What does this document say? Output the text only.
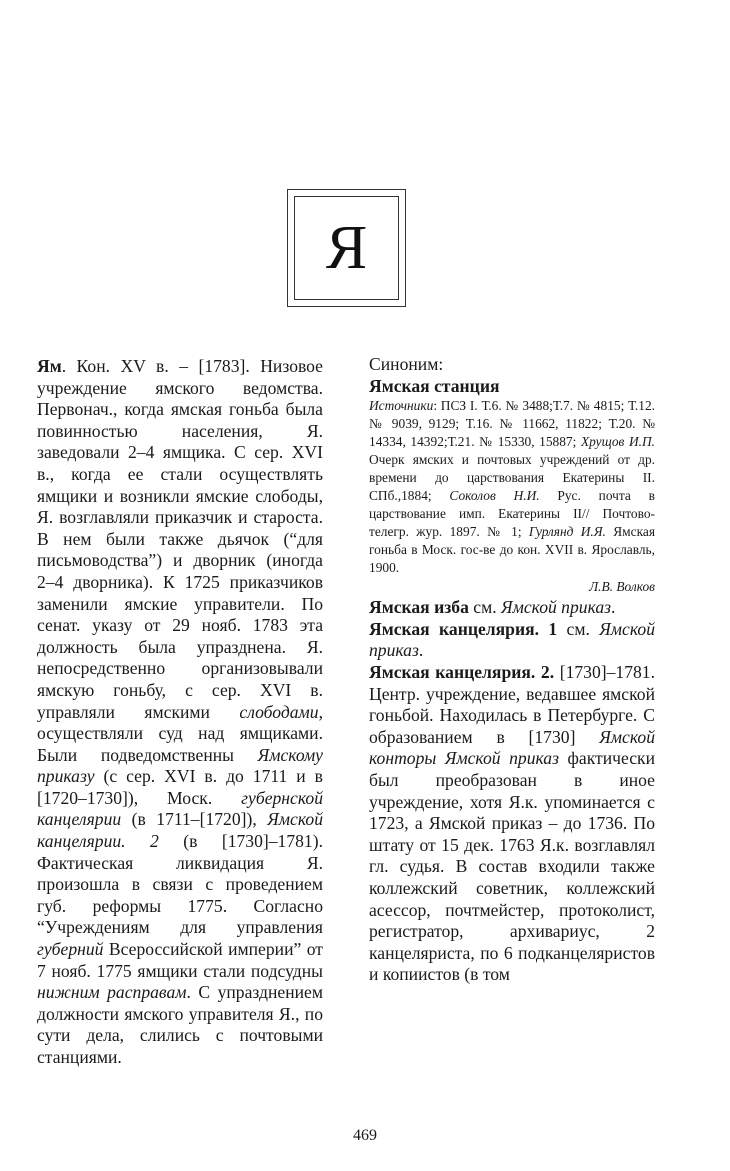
Я

Ям. Кон. XV в. – [1783]. Низовое учреждение ямского ведомства. Первонач., когда ямская гоньба была повинностью населения, Я. заведовали 2–4 ямщика. С сер. XVI в., когда ее стали осуществлять ямщики и возникли ямские слободы, Я. возглавляли приказчик и староста. В нем были также дьячок (“для письмоводства”) и дворник (иногда 2–4 дворника). К 1725 приказчиков заменили ямские управители. По сенат. указу от 29 нояб. 1783 эта должность была упразднена. Я. непосредственно организовывали ямскую гоньбу, с сер. XVI в. управляли ямскими слободами, осуществляли суд над ямщиками. Были подведомственны Ямскому приказу (с сер. XVI в. до 1711 и в [1720–1730]), Моск. губернской канцелярии (в 1711–[1720]), Ямской канцелярии. 2 (в [1730]–1781). Фактическая ликвидация Я. произошла в связи с проведением губ. реформы 1775. Согласно “Учреждениям для управления губерний Всероссийской империи” от 7 нояб. 1775 ямщики стали подсудны нижним расправам. С упразднением должности ямского управителя Я., по сути дела, слились с почтовыми станциями.

Синоним:

Ямская станция

Источники: ПСЗ I. Т.6. № 3488;Т.7. № 4815; Т.12. № 9039, 9129; Т.16. № 11662, 11822; Т.20. № 14334, 14392;Т.21. № 15330, 15887; Хрущов И.П. Очерк ямских и почтовых учреждений от др. времени до царствования Екатерины II. СПб.,1884; Соколов Н.И. Рус. почта в царствование имп. Екатерины II// Почтово-телегр. жур. 1897. № 1; Гурлянд И.Я. Ямская гоньба в Моск. гос-ве до кон. XVII в. Ярославль, 1900.

Л.В. Волков

Ямская изба см. Ямской приказ.

Ямская канцелярия. 1 см. Ямской приказ.

Ямская канцелярия. 2. [1730]–1781. Центр. учреждение, ведавшее ямской гоньбой. Находилась в Петербурге. С образованием в [1730] Ямской конторы Ямской приказ фактически был преобразован в иное учреждение, хотя Я.к. упоминается с 1723, а Ямской приказ – до 1736. По штату от 15 дек. 1763 Я.к. возглавлял гл. судья. В состав входили также коллежский советник, коллежский асессор, почтмейстер, протоколист, регистратор, архивариус, 2 канцеляриста, по 6 подканцеляристов и копиистов (в том

469
